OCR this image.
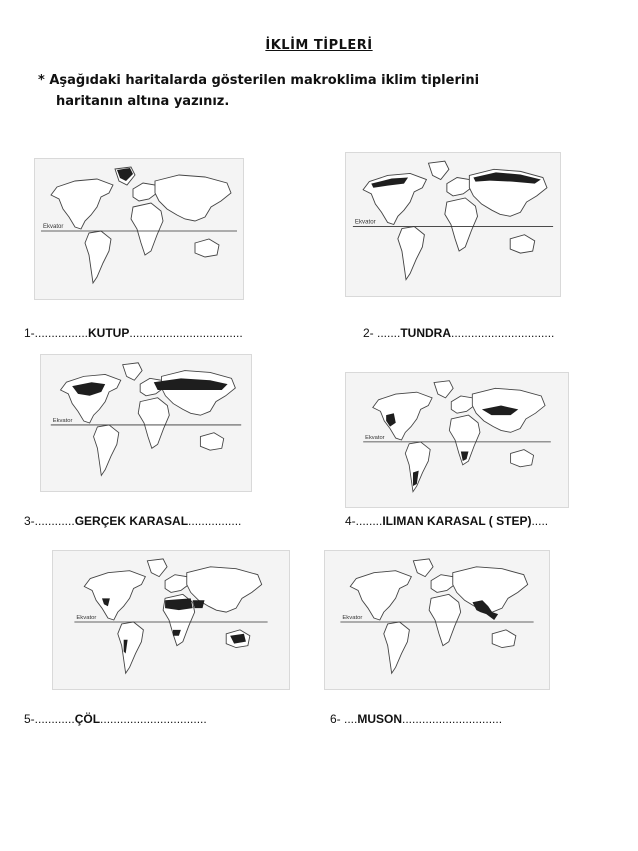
İKLİM TİPLERİ
* Aşağıdaki haritalarda gösterilen makroklima iklim tiplerini
haritanın altına yazınız.
Ekvator
1-................KUTUP..................................
Ekvator
2- .......TUNDRA...............................
Ekvator
3-............GERÇEK KARASAL................
Ekvator
4-........ILIMAN KARASAL ( STEP).....
Ekvator
5-............ÇÖL................................
Ekvator
6- ....MUSON..............................
